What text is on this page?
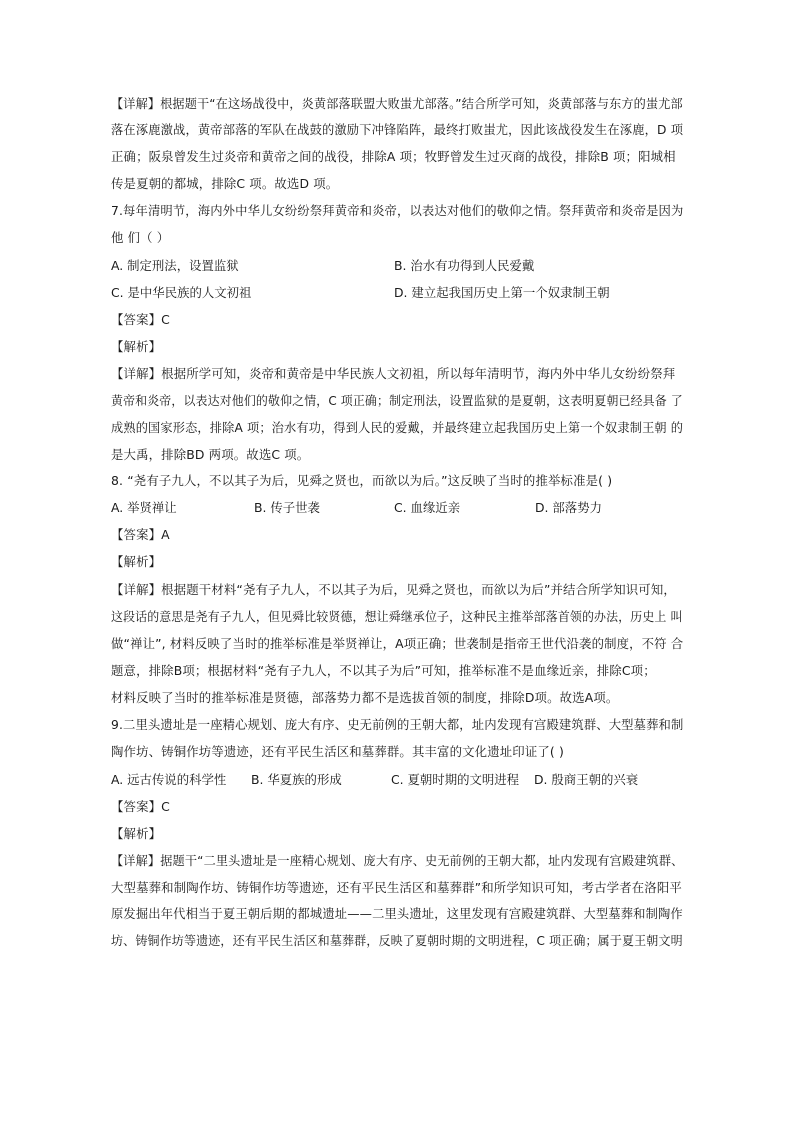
【详解】根据题干“在这场战役中，炎黄部落联盟大败蚩尤部落。”结合所学可知，炎黄部落与东方的蚩尤部

落在涿鹿激战，黄帝部落的军队在战鼓的激励下冲锋陷阵，最终打败蚩尤，因此该战役发生在涿鹿，D 项

正确；阪泉曾发生过炎帝和黄帝之间的战役，排除A 项；牧野曾发生过灭商的战役，排除B 项；阳城相

传是夏朝的都城，排除C 项。故选D 项。

7.每年清明节，海内外中华儿女纷纷祭拜黄帝和炎帝，以表达对他们的敬仰之情。祭拜黄帝和炎帝是因为

他 们（ ）

A. 制定刑法，设置监狱	B. 治水有功得到人民爱戴

C. 是中华民族的人文初祖	D. 建立起我国历史上第一个奴隶制王朝

【答案】C

【解析】

【详解】根据所学可知，炎帝和黄帝是中华民族人文初祖，所以每年清明节，海内外中华儿女纷纷祭拜

黄帝和炎帝，以表达对他们的敬仰之情，C 项正确；制定刑法，设置监狱的是夏朝，这表明夏朝已经具备 了

成熟的国家形态，排除A 项；治水有功，得到人民的爱戴，并最终建立起我国历史上第一个奴隶制王朝 的

是大禹，排除BD 两项。故选C 项。

8. “尧有子九人，不以其子为后，见舜之贤也，而欲以为后。”这反映了当时的推举标准是( )

A. 举贤禅让	B. 传子世袭	C. 血缘近亲	D. 部落势力

【答案】A

【解析】

【详解】根据题干材料“尧有子九人，不以其子为后，见舜之贤也，而欲以为后”并结合所学知识可知，

这段话的意思是尧有子九人，但见舜比较贤德，想让舜继承位子，这种民主推举部落首领的办法，历史上 叫

做“禅让”, 材料反映了当时的推举标准是举贤禅让，A项正确；世袭制是指帝王世代沿袭的制度，不符 合

题意，排除B项；根据材料“尧有子九人，不以其子为后”可知，推举标准不是血缘近亲，排除C项；

材料反映了当时的推举标准是贤德，部落势力都不是选拔首领的制度，排除D项。故选A项。

9.二里头遗址是一座精心规划、庞大有序、史无前例的王朝大都，址内发现有宫殿建筑群、大型墓葬和制

陶作坊、铸铜作坊等遗迹，还有平民生活区和墓葬群。其丰富的文化遗址印证了( )

A. 远古传说的科学性 B. 华夏族的形成	C. 夏朝时期的文明进程 D. 殷商王朝的兴衰

【答案】C

【解析】

【详解】据题干“二里头遗址是一座精心规划、庞大有序、史无前例的王朝大都，址内发现有宫殿建筑群、

大型墓葬和制陶作坊、铸铜作坊等遗迹，还有平民生活区和墓葬群”和所学知识可知，考古学者在洛阳平

原发掘出年代相当于夏王朝后期的都城遗址——二里头遗址，这里发现有宫殿建筑群、大型墓葬和制陶作

坊、铸铜作坊等遗迹，还有平民生活区和墓葬群，反映了夏朝时期的文明进程，C 项正确；属于夏王朝文明
